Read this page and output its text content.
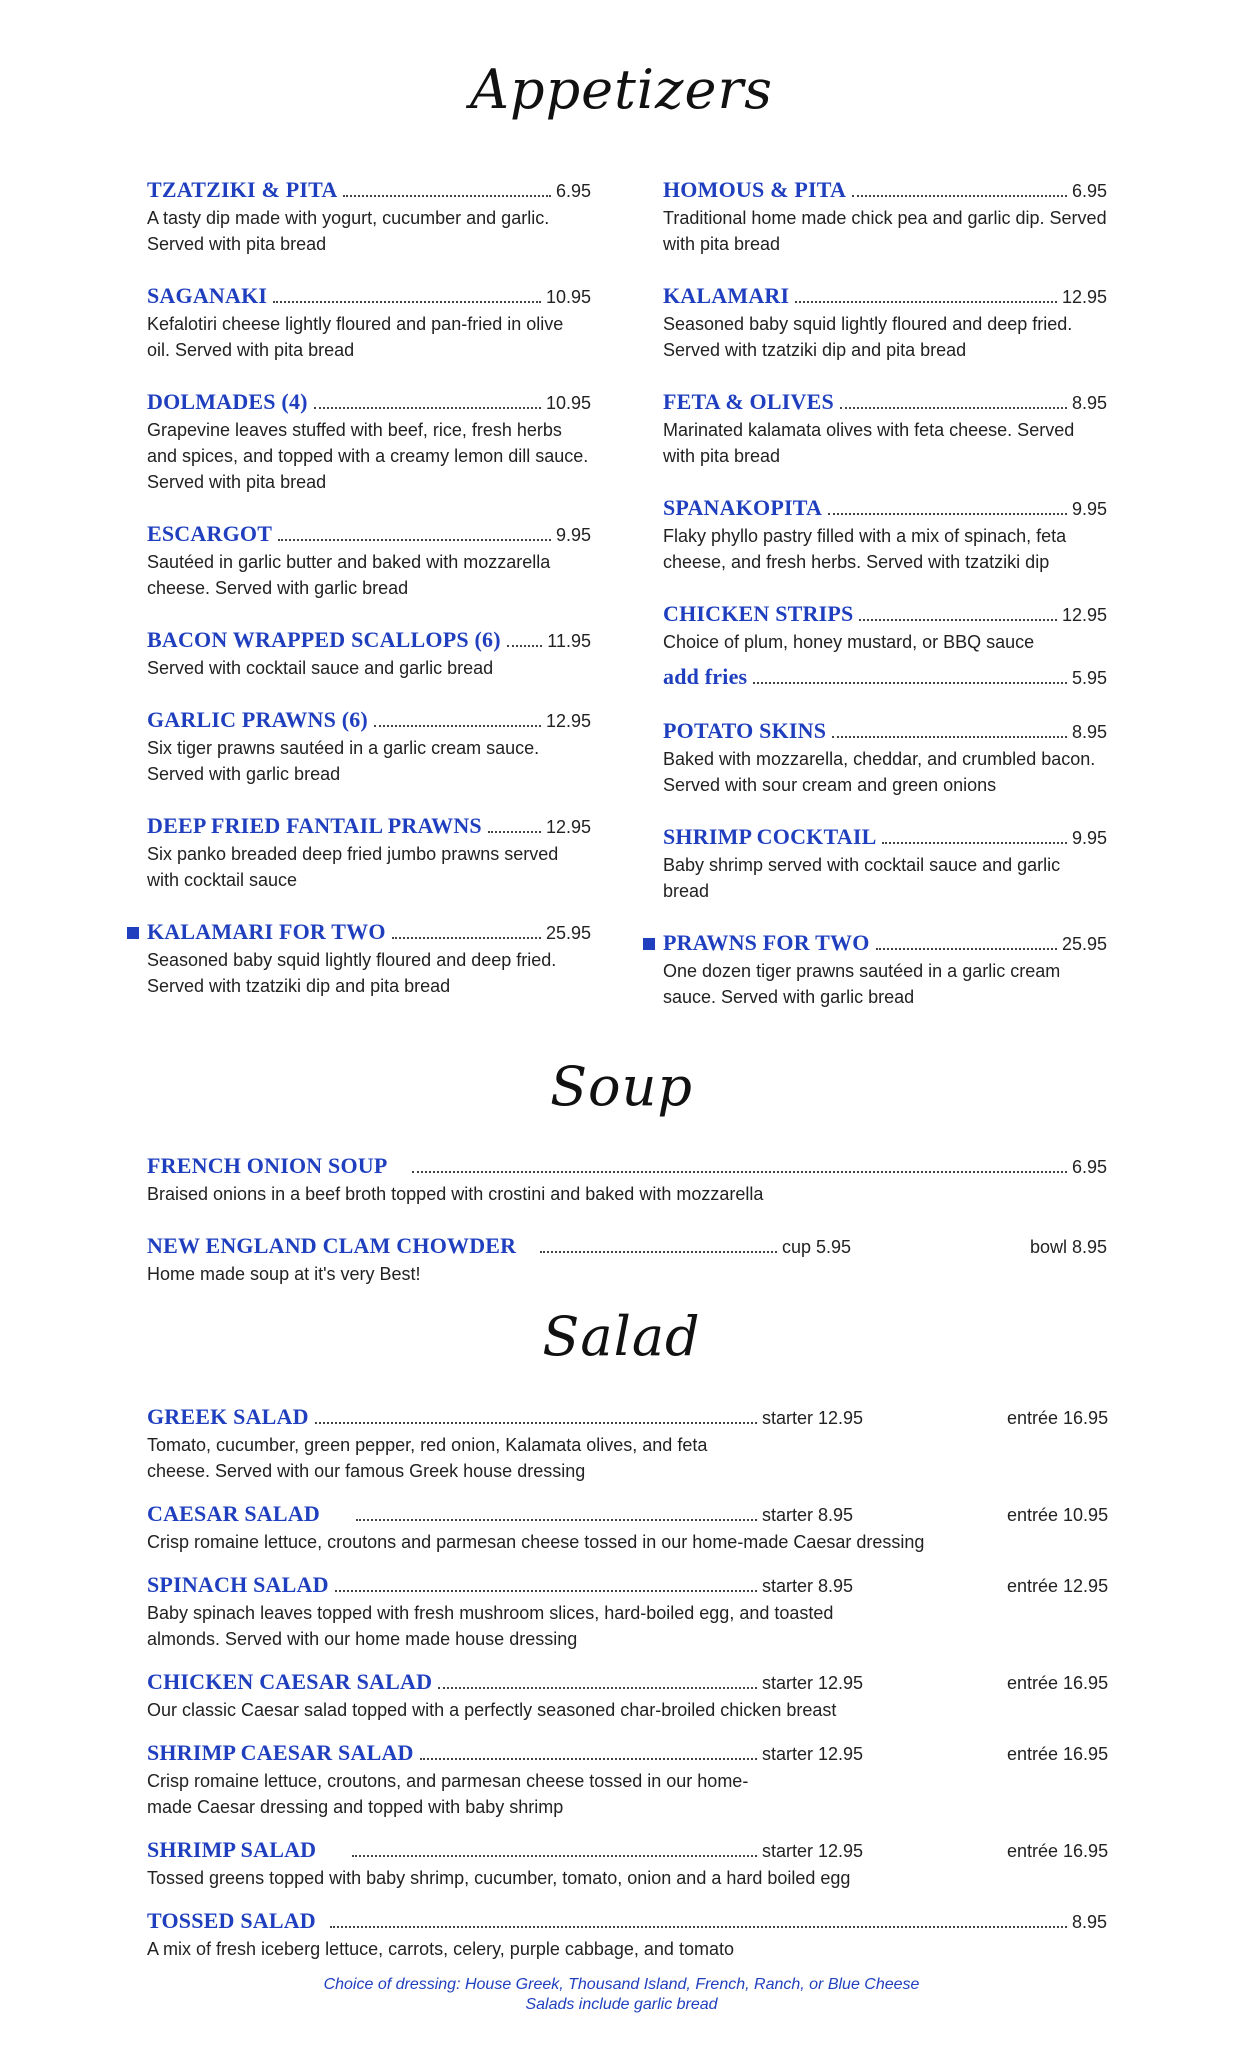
Appetizers
TZATZIKI & PITA	6.95
A tasty dip made with yogurt, cucumber and garlic. Served with pita bread
SAGANAKI	10.95
Kefalotiri cheese lightly floured and pan-fried in olive oil. Served with pita bread
DOLMADES (4)	10.95
Grapevine leaves stuffed with beef, rice, fresh herbs and spices, and topped with a creamy lemon dill sauce. Served with pita bread
ESCARGOT	9.95
Sautéed in garlic butter and baked with mozzarella cheese. Served with garlic bread
BACON WRAPPED SCALLOPS (6)	11.95
Served with cocktail sauce and garlic bread
GARLIC PRAWNS (6)	12.95
Six tiger prawns sautéed in a garlic cream sauce. Served with garlic bread
DEEP FRIED FANTAIL PRAWNS	12.95
Six panko breaded deep fried jumbo prawns served with cocktail sauce
KALAMARI FOR TWO	25.95
Seasoned baby squid lightly floured and deep fried. Served with tzatziki dip and pita bread
HOMOUS & PITA	6.95
Traditional home made chick pea and garlic dip. Served with pita bread
KALAMARI	12.95
Seasoned baby squid lightly floured and deep fried. Served with tzatziki dip and pita bread
FETA & OLIVES	8.95
Marinated kalamata olives with feta cheese. Served with pita bread
SPANAKOPITA	9.95
Flaky phyllo pastry filled with a mix of spinach, feta cheese, and fresh herbs. Served with tzatziki dip
CHICKEN STRIPS	12.95
Choice of plum, honey mustard, or BBQ sauce
add fries	5.95
POTATO SKINS	8.95
Baked with mozzarella, cheddar, and crumbled bacon. Served with sour cream and green onions
SHRIMP COCKTAIL	9.95
Baby shrimp served with cocktail sauce and garlic bread
PRAWNS FOR TWO	25.95
One dozen tiger prawns sautéed in a garlic cream sauce. Served with garlic bread
Soup
FRENCH ONION SOUP	6.95
Braised onions in a beef broth topped with crostini and baked with mozzarella
NEW ENGLAND CLAM CHOWDER	cup 5.95	bowl 8.95
Home made soup at it's very Best!
Salad
GREEK SALAD	starter 12.95	entrée 16.95
Tomato, cucumber, green pepper, red onion, Kalamata olives, and feta cheese. Served with our famous Greek house dressing
CAESAR SALAD	starter 8.95	entrée 10.95
Crisp romaine lettuce, croutons and parmesan cheese tossed in our home-made Caesar dressing
SPINACH SALAD	starter 8.95	entrée 12.95
Baby spinach leaves topped with fresh mushroom slices, hard-boiled egg, and toasted almonds. Served with our home made house dressing
CHICKEN CAESAR SALAD	starter 12.95	entrée 16.95
Our classic Caesar salad topped with a perfectly seasoned char-broiled chicken breast
SHRIMP CAESAR SALAD	starter 12.95	entrée 16.95
Crisp romaine lettuce, croutons, and parmesan cheese tossed in our home-made Caesar dressing and topped with baby shrimp
SHRIMP SALAD	starter 12.95	entrée 16.95
Tossed greens topped with baby shrimp, cucumber, tomato, onion and a hard boiled egg
TOSSED SALAD	8.95
A mix of fresh iceberg lettuce, carrots, celery, purple cabbage, and tomato
Choice of dressing: House Greek, Thousand Island, French, Ranch, or Blue Cheese
Salads include garlic bread
